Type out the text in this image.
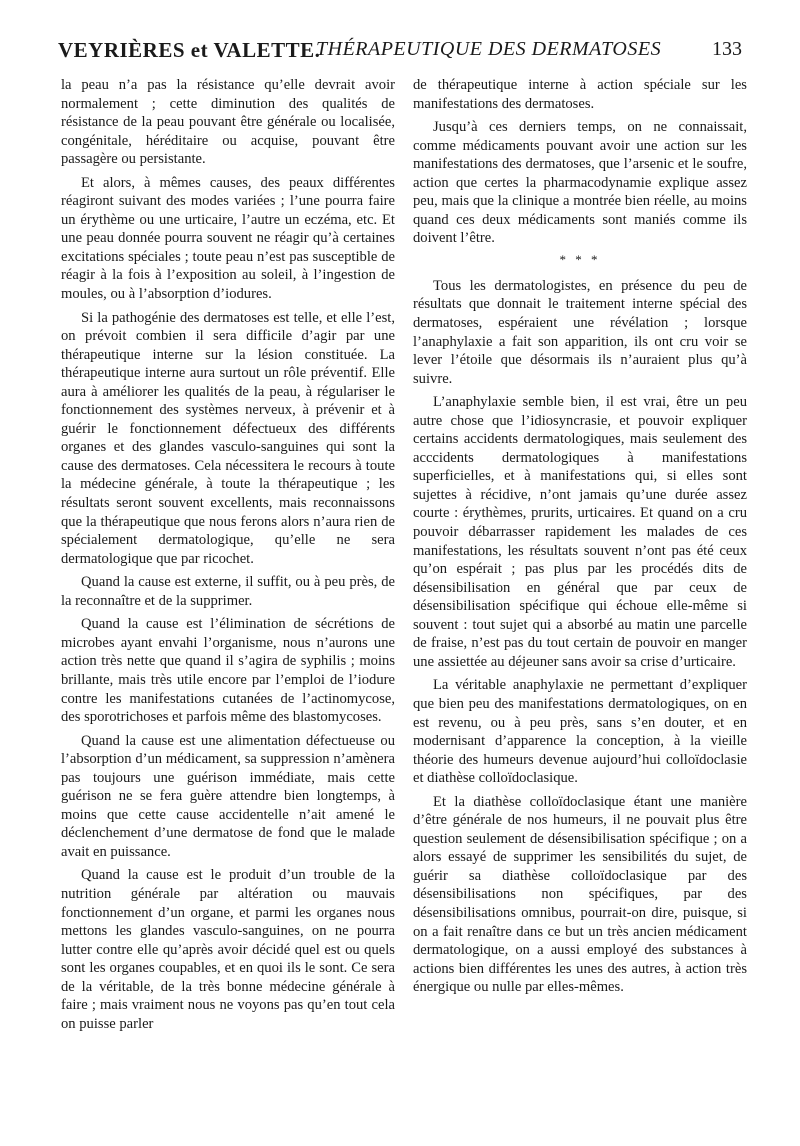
VEYRIÈRES et VALETTE.
THÉRAPEUTIQUE DES DERMATOSES	133

la peau n’a pas la résistance qu’elle devrait avoir normalement ; cette diminution des qualités de résistance de la peau pouvant être générale ou localisée, congénitale, héréditaire ou acquise, pouvant être passagère ou persistante.

Et alors, à mêmes causes, des peaux différentes réagiront suivant des modes variées ; l’une pourra faire un érythème ou une urticaire, l’autre un eczéma, etc. Et une peau donnée pourra souvent ne réagir qu’à certaines excitations spéciales ; toute peau n’est pas susceptible de réagir à la fois à l’exposition au soleil, à l’ingestion de moules, ou à l’absorption d’iodures.

Si la pathogénie des dermatoses est telle, et elle l’est, on prévoit combien il sera difficile d’agir par une thérapeutique interne sur la lésion constituée. La thérapeutique interne aura surtout un rôle préventif. Elle aura à améliorer les qualités de la peau, à régulariser le fonctionnement des systèmes nerveux, à prévenir et à guérir le fonctionnement défectueux des différents organes et des glandes vasculo-sanguines qui sont la cause des dermatoses. Cela nécessitera le recours à toute la médecine générale, à toute la thérapeutique ; les résultats seront souvent excellents, mais reconnaissons que la thérapeutique que nous ferons alors n’aura rien de spécialement dermatologique, qu’elle ne sera dermatologique que par ricochet.

Quand la cause est externe, il suffit, ou à peu près, de la reconnaître et de la supprimer.

Quand la cause est l’élimination de sécrétions de microbes ayant envahi l’organisme, nous n’aurons une action très nette que quand il s’agira de syphilis ; moins brillante, mais très utile encore par l’emploi de l’iodure contre les manifestations cutanées de l’actinomycose, des sporotrichoses et parfois même des blastomycoses.

Quand la cause est une alimentation défectueuse ou l’absorption d’un médicament, sa suppression n’amènera pas toujours une guérison immédiate, mais cette guérison ne se fera guère attendre bien longtemps, à moins que cette cause accidentelle n’ait amené le déclenchement d’une dermatose de fond que le malade avait en puissance.

Quand la cause est le produit d’un trouble de la nutrition générale par altération ou mauvais fonctionnement d’un organe, et parmi les organes nous mettons les glandes vasculo-sanguines, on ne pourra lutter contre elle qu’après avoir décidé quel est ou quels sont les organes coupables, et en quoi ils le sont. Ce sera de la véritable, de la très bonne médecine générale à faire ; mais vraiment nous ne voyons pas qu’en tout cela on puisse parler

de thérapeutique interne à action spéciale sur les manifestations des dermatoses.

Jusqu’à ces derniers temps, on ne connaissait, comme médicaments pouvant avoir une action sur les manifestations des dermatoses, que l’arsenic et le soufre, action que certes la pharmacodynamie explique assez peu, mais que la clinique a montrée bien réelle, au moins quand ces deux médicaments sont maniés comme ils doivent l’être.

* * *

Tous les dermatologistes, en présence du peu de résultats que donnait le traitement interne spécial des dermatoses, espéraient une révélation ; lorsque l’anaphylaxie a fait son apparition, ils ont cru voir se lever l’étoile que désormais ils n’auraient plus qu’à suivre.

L’anaphylaxie semble bien, il est vrai, être un peu autre chose que l’idiosyncrasie, et pouvoir expliquer certains accidents dermatologiques, mais seulement des acccidents dermatologiques à manifestations superficielles, et à manifestations qui, si elles sont sujettes à récidive, n’ont jamais qu’une durée assez courte : érythèmes, prurits, urticaires. Et quand on a cru pouvoir débarrasser rapidement les malades de ces manifestations, les résultats souvent n’ont pas été ceux qu’on espérait ; pas plus par les procédés dits de désensibilisation en général que par ceux de désensibilisation spécifique qui échoue elle-même si souvent : tout sujet qui a absorbé au matin une parcelle de fraise, n’est pas du tout certain de pouvoir en manger une assiettée au déjeuner sans avoir sa crise d’urticaire.

La véritable anaphylaxie ne permettant d’expliquer que bien peu des manifestations dermatologiques, on en est revenu, ou à peu près, sans s’en douter, et en modernisant d’apparence la conception, à la vieille théorie des humeurs devenue aujourd’hui colloïdoclasie et diathèse colloïdoclasique.

Et la diathèse colloïdoclasique étant une manière d’être générale de nos humeurs, il ne pouvait plus être question seulement de désensibilisation spécifique ; on a alors essayé de supprimer les sensibilités du sujet, de guérir sa diathèse colloïdoclasique par des désensibilisations non spécifiques, par des désensibilisations omnibus, pourrait-on dire, puisque, si on a fait renaître dans ce but un très ancien médicament dermatologique, on a aussi employé des substances à actions bien différentes les unes des autres, à action très énergique ou nulle par elles-mêmes.
